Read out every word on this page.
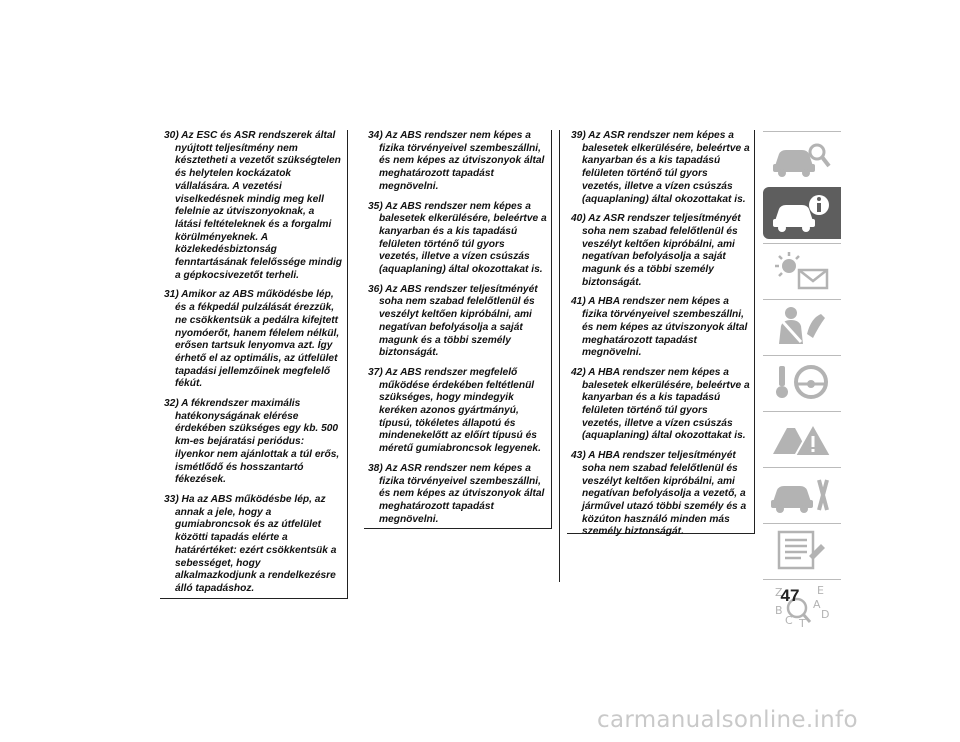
30) Az ESC és ASR rendszerek által nyújtott teljesítmény nem késztetheti a vezetőt szükségtelen és helytelen kockázatok vállalására. A vezetési viselkedésnek mindig meg kell felelnie az útviszonyoknak, a látási feltételeknek és a forgalmi körülményeknek. A közlekedésbiztonság fenntartásának felelőssége mindig a gépkocsivezetőt terheli.
31) Amikor az ABS működésbe lép, és a fékpedál pulzálását érezzük, ne csökkentsük a pedálra kifejtett nyomóerőt, hanem félelem nélkül, erősen tartsuk lenyomva azt. Így érhető el az optimális, az útfelület tapadási jellemzőinek megfelelő fékút.
32) A fékrendszer maximális hatékonyságának elérése érdekében szükséges egy kb. 500 km-es bejáratási periódus: ilyenkor nem ajánlottak a túl erős, ismétlődő és hosszantartó fékezések.
33) Ha az ABS működésbe lép, az annak a jele, hogy a gumiabroncsok és az útfelület közötti tapadás elérte a határértéket: ezért csökkentsük a sebességet, hogy alkalmazkodjunk a rendelkezésre álló tapadáshoz.
34) Az ABS rendszer nem képes a fizika törvényeivel szembeszállni, és nem képes az útviszonyok által meghatározott tapadást megnövelni.
35) Az ABS rendszer nem képes a balesetek elkerülésére, beleértve a kanyarban és a kis tapadású felületen történő túl gyors vezetés, illetve a vízen csúszás (aquaplaning) által okozottakat is.
36) Az ABS rendszer teljesítményét soha nem szabad felelőtlenül és veszélyt keltően kipróbálni, ami negatívan befolyásolja a saját magunk és a többi személy biztonságát.
37) Az ABS rendszer megfelelő működése érdekében feltétlenül szükséges, hogy mindegyik keréken azonos gyártmányú, típusú, tökéletes állapotú és mindenekelőtt az előírt típusú és méretű gumiabroncsok legyenek.
38) Az ASR rendszer nem képes a fizika törvényeivel szembeszállni, és nem képes az útviszonyok által meghatározott tapadást megnövelni.
39) Az ASR rendszer nem képes a balesetek elkerülésére, beleértve a kanyarban és a kis tapadású felületen történő túl gyors vezetés, illetve a vízen csúszás (aquaplaning) által okozottakat is.
40) Az ASR rendszer teljesítményét soha nem szabad felelőtlenül és veszélyt keltően kipróbálni, ami negatívan befolyásolja a saját magunk és a többi személy biztonságát.
41) A HBA rendszer nem képes a fizika törvényeivel szembeszállni, és nem képes az útviszonyok által meghatározott tapadást megnövelni.
42) A HBA rendszer nem képes a balesetek elkerülésére, beleértve a kanyarban és a kis tapadású felületen történő túl gyors vezetés, illetve a vízen csúszás (aquaplaning) által okozottakat is.
43) A HBA rendszer teljesítményét soha nem szabad felelőtlenül és veszélyt keltően kipróbálni, ami negatívan befolyásolja a vezető, a járművel utazó többi személy és a közúton használó minden más személy biztonságát.
Z	E A B	D C T
47
carmanualsonline.info
